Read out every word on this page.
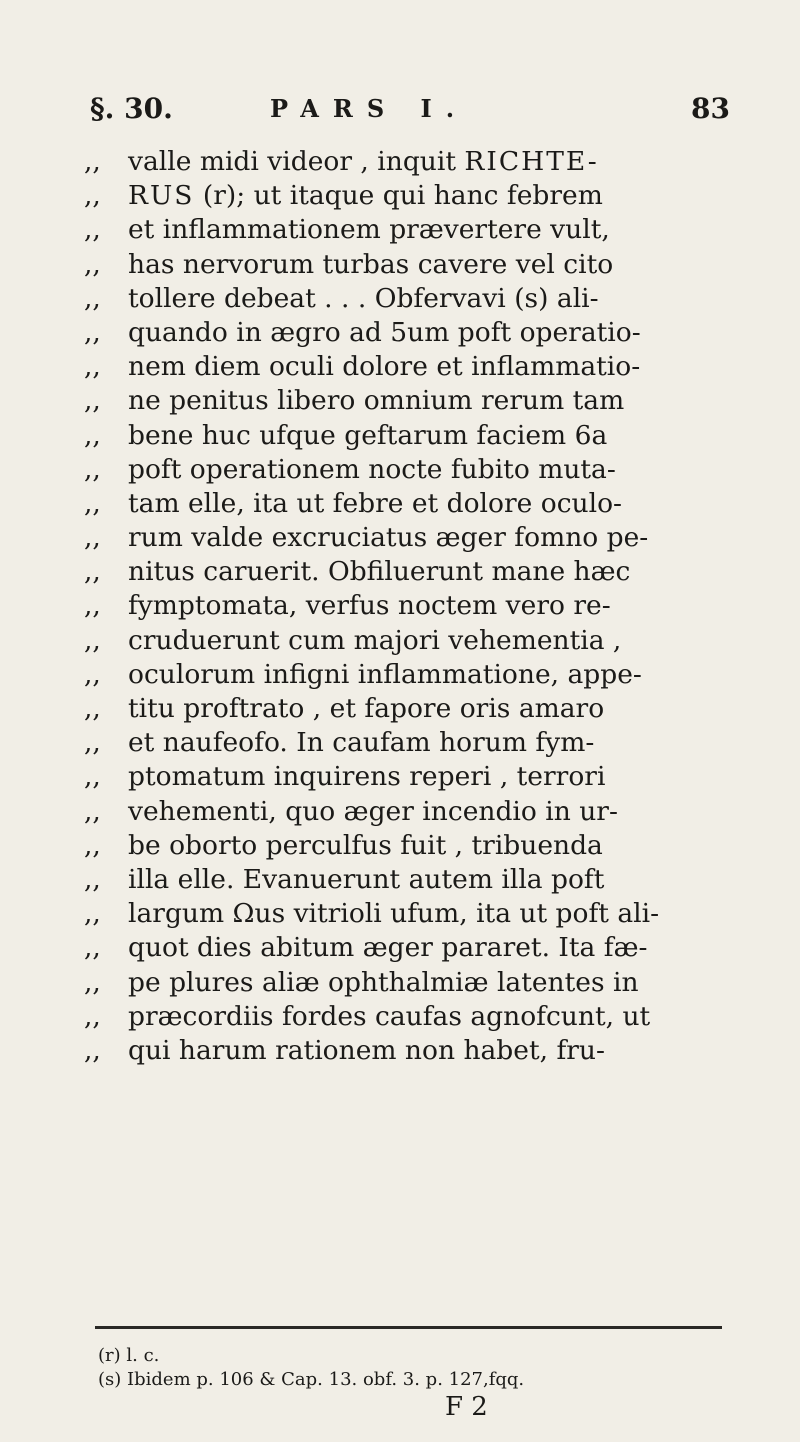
§. 30.	PARS I.	83
,, valle midi videor , inquit RICHTE-
,, RUS (r); ut itaque qui hanc febrem
,, et inflammationem prævertere vult,
,, has nervorum turbas cavere vel cito
,, tollere debeat . . . Obfervavi (s) ali-
,, quando in ægro ad 5um poft operatio-
,, nem diem oculi dolore et inflammatio-
,, ne penitus libero omnium rerum tam
,, bene huc ufque geftarum faciem 6a
,, poft operationem nocte fubito muta-
,, tam elle, ita ut febre et dolore oculo-
,, rum valde excruciatus æger fomno pe-
,, nitus caruerit. Obfiluerunt mane hæc
,, fymptomata, verfus noctem vero re-
,, cruduerunt cum majori vehementia ,
,, oculorum infigni inflammatione, appe-
,, titu proftrato , et fapore oris amaro
,, et naufeofo. In caufam horum fym-
,, ptomatum inquirens reperi , terrori
,, vehementi, quo æger incendio in ur-
,, be oborto perculfus fuit , tribuenda
,, illa elle. Evanuerunt autem illa poft
,, largum Ωus vitrioli ufum, ita ut poft ali-
,, quot dies abitum æger pararet. Ita fæ-
,, pe plures aliæ ophthalmiæ latentes in
,, præcordiis fordes caufas agnofcunt, ut
,, qui harum rationem non habet, fru-
(r) l. c.
(s) Ibidem p. 106 & Cap. 13. obf. 3. p. 127,fqq.
F 2
